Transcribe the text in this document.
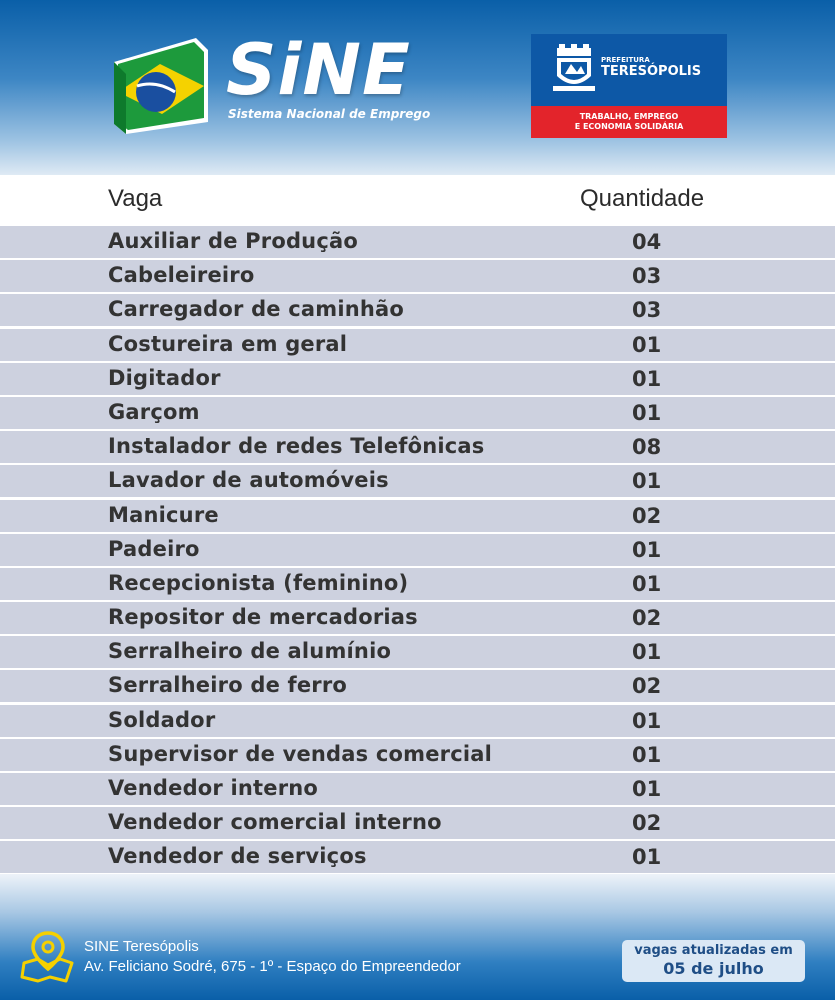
SiNE
Sistema Nacional de Emprego
PREFEITURA
TERESÓPOLIS
TRABALHO, EMPREGO
E ECONOMIA SOLIDÁRIA
Vaga	Quantidade
Auxiliar de Produção	04
Cabeleireiro	03
Carregador de caminhão	03
Costureira em geral	01
Digitador	01
Garçom	01
Instalador de redes Telefônicas	08
Lavador de automóveis	01
Manicure	02
Padeiro	01
Recepcionista (feminino)	01
Repositor de mercadorias	02
Serralheiro de alumínio	01
Serralheiro de ferro	02
Soldador	01
Supervisor de vendas comercial	01
Vendedor interno	01
Vendedor comercial interno	02
Vendedor de serviços	01
SINE Teresópolis
Av. Feliciano Sodré, 675 - 1º - Espaço do Empreendedor
vagas atualizadas em
05 de julho
